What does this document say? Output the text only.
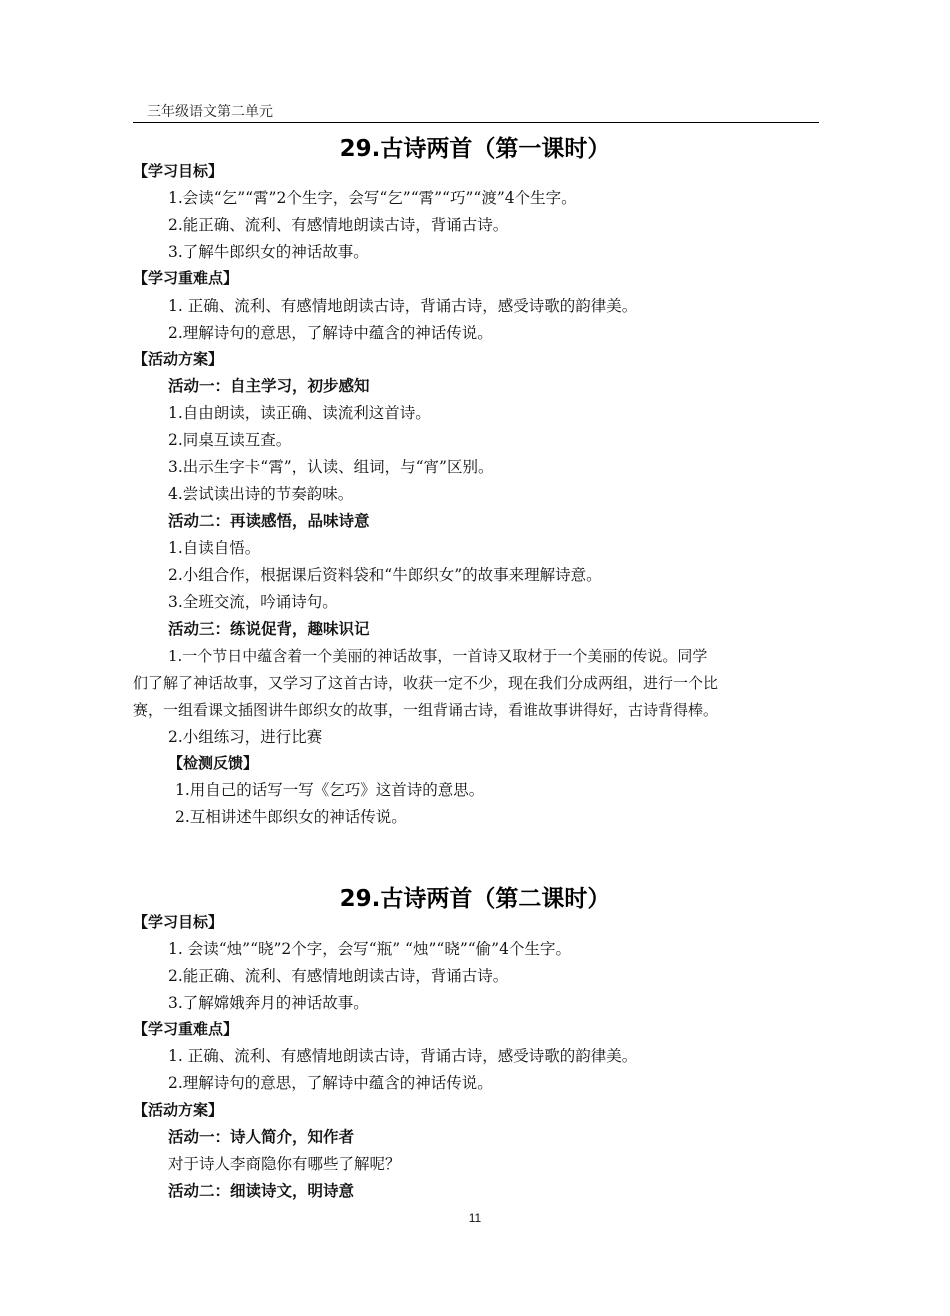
三年级语文第二单元
29.古诗两首（第一课时）
【学习目标】
1.会读“乞”“霄”2个生字，会写“乞”“霄”“巧”“渡”4个生字。
2.能正确、流利、有感情地朗读古诗，背诵古诗。
3.了解牛郎织女的神话故事。
【学习重难点】
1. 正确、流利、有感情地朗读古诗，背诵古诗，感受诗歌的韵律美。
2.理解诗句的意思，了解诗中蕴含的神话传说。
【活动方案】
活动一：自主学习，初步感知
1.自由朗读，读正确、读流利这首诗。
2.同桌互读互查。
3.出示生字卡“霄”，认读、组词，与“宵”区别。
4.尝试读出诗的节奏韵味。
活动二：再读感悟，品味诗意
1.自读自悟。
2.小组合作，根据课后资料袋和“牛郎织女”的故事来理解诗意。
3.全班交流，吟诵诗句。
活动三：练说促背，趣味识记
1.一个节日中蕴含着一个美丽的神话故事，一首诗又取材于一个美丽的传说。同学
们了解了神话故事，又学习了这首古诗，收获一定不少，现在我们分成两组，进行一个比
赛，一组看课文插图讲牛郎织女的故事，一组背诵古诗，看谁故事讲得好，古诗背得棒。
2.小组练习，进行比赛
【检测反馈】
1.用自己的话写一写《乞巧》这首诗的意思。
2.互相讲述牛郎织女的神话传说。
29.古诗两首（第二课时）
【学习目标】
1. 会读“烛”“晓”2个字，会写“瓶” “烛”“晓”“偷”4个生字。
2.能正确、流利、有感情地朗读古诗，背诵古诗。
3.了解嫦娥奔月的神话故事。
【学习重难点】
1. 正确、流利、有感情地朗读古诗，背诵古诗，感受诗歌的韵律美。
2.理解诗句的意思，了解诗中蕴含的神话传说。
【活动方案】
活动一：诗人简介，知作者
对于诗人李商隐你有哪些了解呢？
活动二：细读诗文，明诗意
11
